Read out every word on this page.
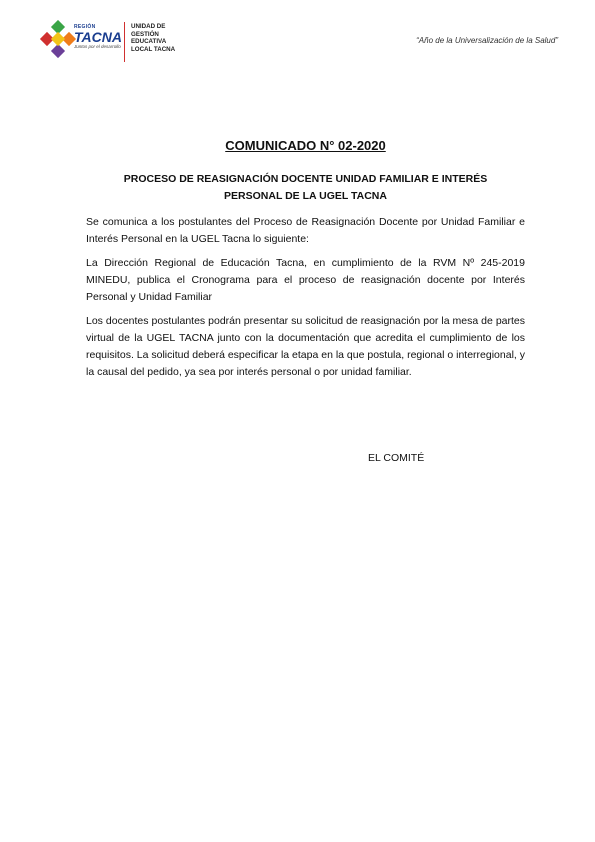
REGIÓN
TACNA
Juntos por el desarrollo
UNIDAD DE
GESTIÓN
EDUCATIVA
LOCAL TACNA
“Año de la Universalización de la Salud”
COMUNICADO N° 02-2020
PROCESO DE REASIGNACIÓN DOCENTE UNIDAD FAMILIAR E INTERÉS
PERSONAL DE LA UGEL TACNA

Se comunica a los postulantes del Proceso de Reasignación Docente por Unidad Familiar e Interés Personal en la UGEL Tacna lo siguiente:

La Dirección Regional de Educación Tacna, en cumplimiento de la RVM Nº 245-2019 MINEDU, publica el Cronograma para el proceso de reasignación docente por Interés Personal y Unidad Familiar

Los docentes postulantes podrán presentar su solicitud de reasignación por la mesa de partes virtual de la UGEL TACNA junto con la documentación que acredita el cumplimiento de los requisitos. La solicitud deberá especificar la etapa en la que postula, regional o interregional, y la causal del pedido, ya sea por interés personal o por unidad familiar.

EL COMITÉ
